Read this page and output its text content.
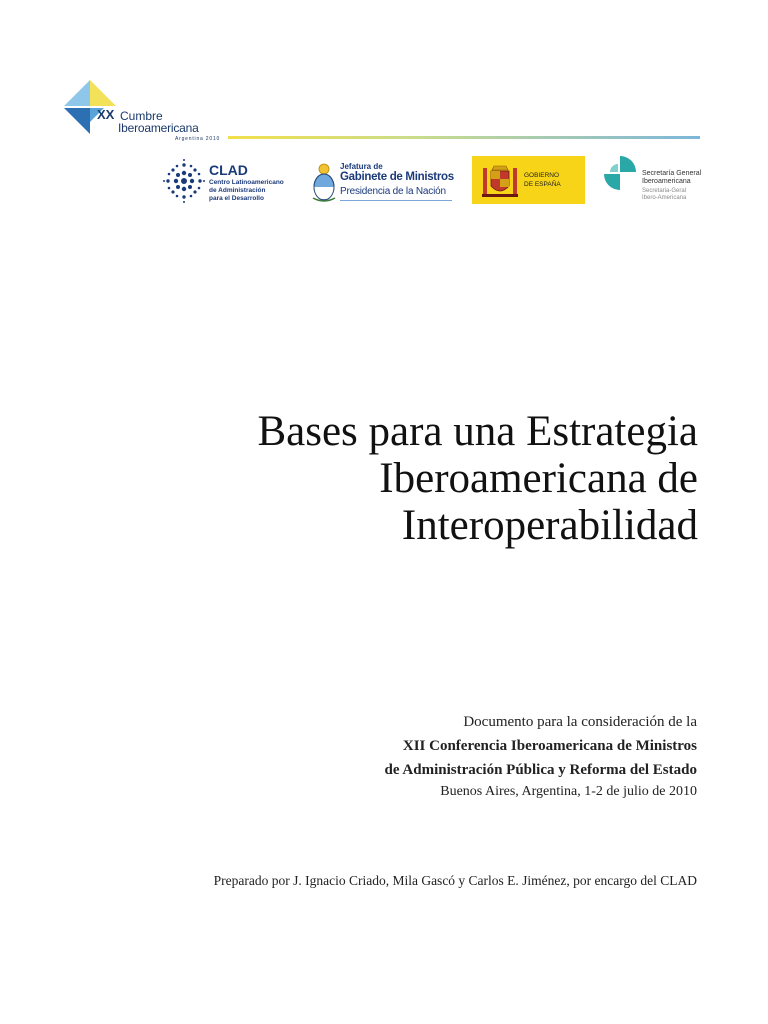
XX Cumbre
Iberoamericana
Argentina 2010
CLAD
Centro Latinoamericano
de Administración
para el Desarrollo
Jefatura de
Gabinete de Ministros
Presidencia de la Nación
GOBIERNO
DE ESPAÑA
Secretaría General
Iberoamericana
Secretaria-Geral
Ibero-Americana
Bases para una Estrategia
Iberoamericana de
Interoperabilidad
Documento para la consideración de la
XII Conferencia Iberoamericana de Ministros
de Administración Pública y Reforma del Estado
Buenos Aires, Argentina, 1-2 de julio de 2010
Preparado por J. Ignacio Criado, Mila Gascó y Carlos E. Jiménez, por encargo del CLAD
